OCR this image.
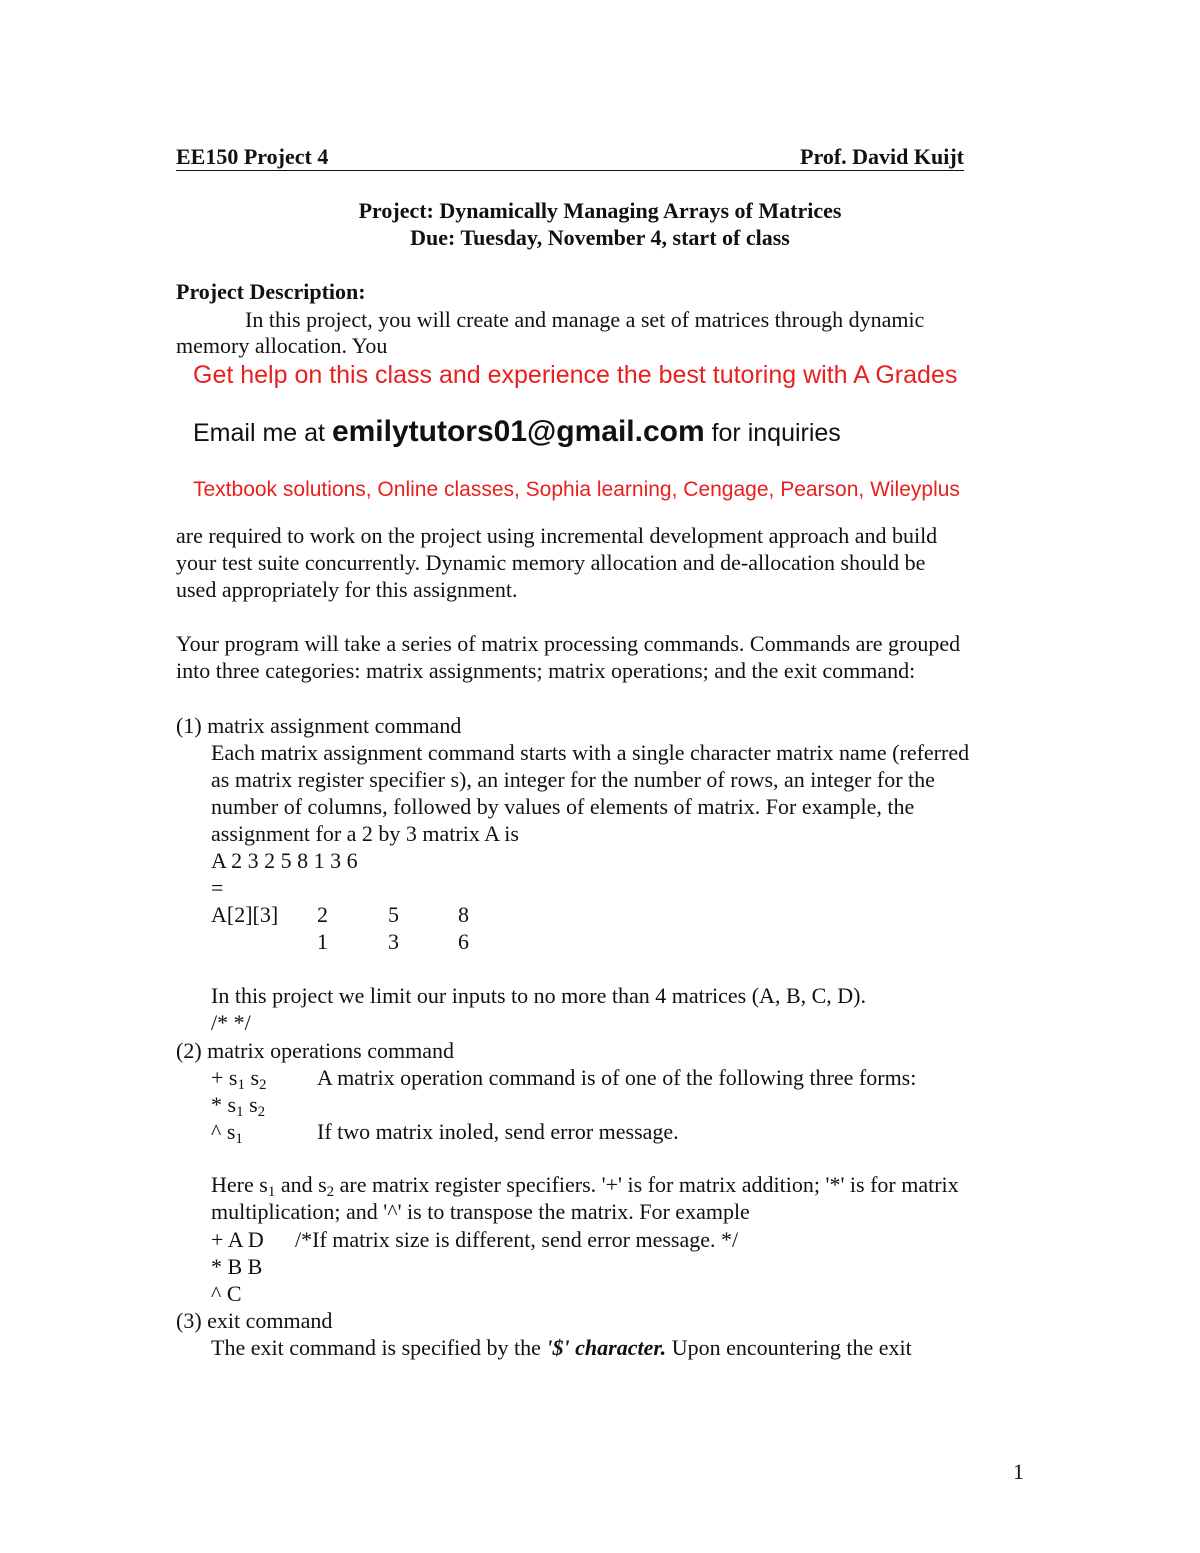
EE150 Project 4	Prof. David Kuijt
Project: Dynamically Managing Arrays of Matrices
Due: Tuesday, November 4, start of class
Project Description:
In this project, you will create and manage a set of matrices through dynamic
memory allocation. You
Get help on this class and experience the best tutoring with A Grades
Email me at emilytutors01@gmail.com for inquiries
Textbook solutions, Online classes, Sophia learning, Cengage, Pearson, Wileyplus
are required to work on the project using incremental development approach and build
your test suite concurrently. Dynamic memory allocation and de-allocation should be
used appropriately for this assignment.
Your program will take a series of matrix processing commands. Commands are grouped
into three categories: matrix assignments; matrix operations; and the exit command:
(1) matrix assignment command
Each matrix assignment command starts with a single character matrix name (referred
as matrix register specifier s), an integer for the number of rows, an integer for the
number of columns, followed by values of elements of matrix. For example, the
assignment for a 2 by 3 matrix A is
A 2 3 2 5 8 1 3 6
=
A[2][3] 2	5	8
1	3	6
In this project we limit our inputs to no more than 4 matrices (A, B, C, D).
/* */
(2) matrix operations command
+ $s_1$ $s_2$ A matrix operation command is of one of the following three forms:
* $s_1$ $s_2$
^ $s_1$	If two matrix inoled, send error message.
Here $s_1$ and $s_2$ are matrix register specifiers. '+' is for matrix addition; '*' is for matrix
multiplication; and '^' is to transpose the matrix. For example
+ A D /*If matrix size is different, send error message. */
* B B
^ C
(3) exit command
The exit command is specified by the '$' character. Upon encountering the exit
1
